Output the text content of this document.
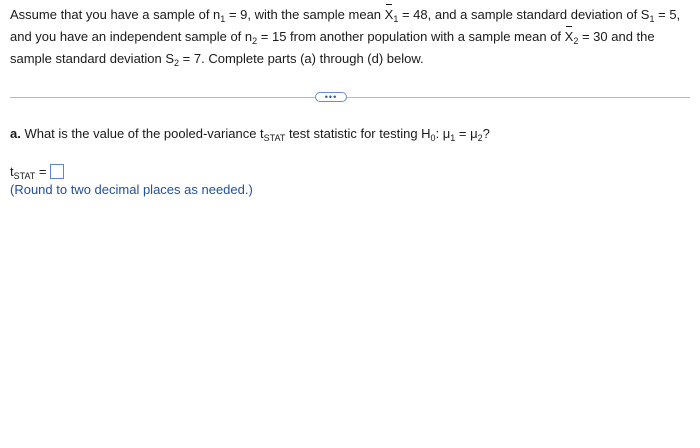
Assume that you have a sample of $n_1 = 9$, with the sample mean $X_1 = 48$, and a sample standard deviation of $S_1 = 5$,

and you have an independent sample of $n_2 = 15$ from another population with a sample mean of $X_2 = 30$ and the

sample standard deviation $S_2 = 7$. Complete parts (a) through (d) below.

•••
a. What is the value of the pooled-variance $t_{STAT}$ test statistic for testing $H_0$: $\mu_1 = \mu_2$?
$t_{STAT}$ =
(Round to two decimal places as needed.)
